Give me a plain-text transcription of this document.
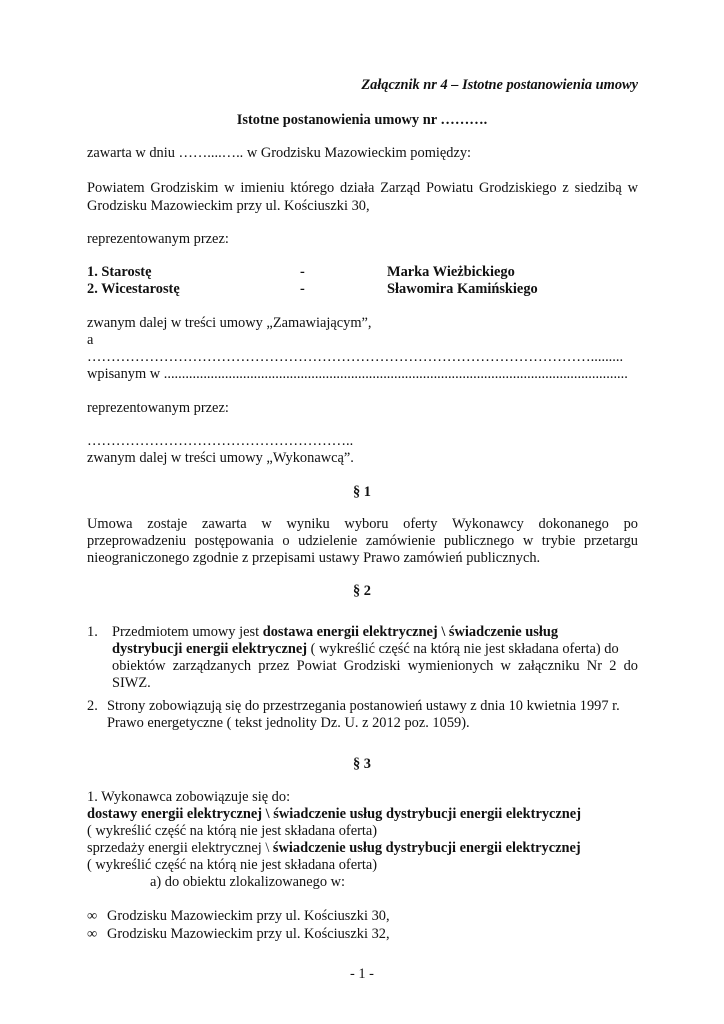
Załącznik nr 4 – Istotne postanowienia umowy
Istotne postanowienia umowy nr ……….
zawarta w dniu ……....….. w Grodzisku Mazowieckim pomiędzy:
Powiatem Grodziskim w imieniu którego działa Zarząd Powiatu Grodziskiego z siedzibą w
Grodzisku Mazowieckim przy ul. Kościuszki 30,
reprezentowanym przez:
1. Starostę	-	Marka Wieżbickiego
2. Wicestarostę	-	Sławomira Kamińskiego
zwanym dalej w treści umowy „Zamawiającym”,
a
…………………………………………………………………………………………….........
wpisanym w .................................................................................................................................
reprezentowanym przez:
………………………………………………..
zwanym dalej w treści umowy „Wykonawcą”.
§ 1
Umowa zostaje zawarta w wyniku wyboru oferty Wykonawcy dokonanego po
przeprowadzeniu postępowania o udzielenie zamówienie publicznego w trybie przetargu
nieograniczonego zgodnie z przepisami ustawy Prawo zamówień publicznych.
§ 2
1. Przedmiotem umowy jest dostawa energii elektrycznej \ świadczenie usług
dystrybucji energii elektrycznej ( wykreślić część na którą nie jest składana oferta) do
obiektów zarządzanych przez Powiat Grodziski wymienionych w załączniku Nr 2 do
SIWZ.
2. Strony zobowiązują się do przestrzegania postanowień ustawy z dnia 10 kwietnia 1997 r.
Prawo energetyczne ( tekst jednolity Dz. U. z 2012 poz. 1059).
§ 3
1. Wykonawca zobowiązuje się do:
dostawy energii elektrycznej \ świadczenie usług dystrybucji energii elektrycznej
( wykreślić część na którą nie jest składana oferta)
sprzedaży energii elektrycznej \ świadczenie usług dystrybucji energii elektrycznej
( wykreślić część na którą nie jest składana oferta)
a) do obiektu zlokalizowanego w:
∞ Grodzisku Mazowieckim przy ul. Kościuszki 30,
∞ Grodzisku Mazowieckim przy ul. Kościuszki 32,
- 1 -
